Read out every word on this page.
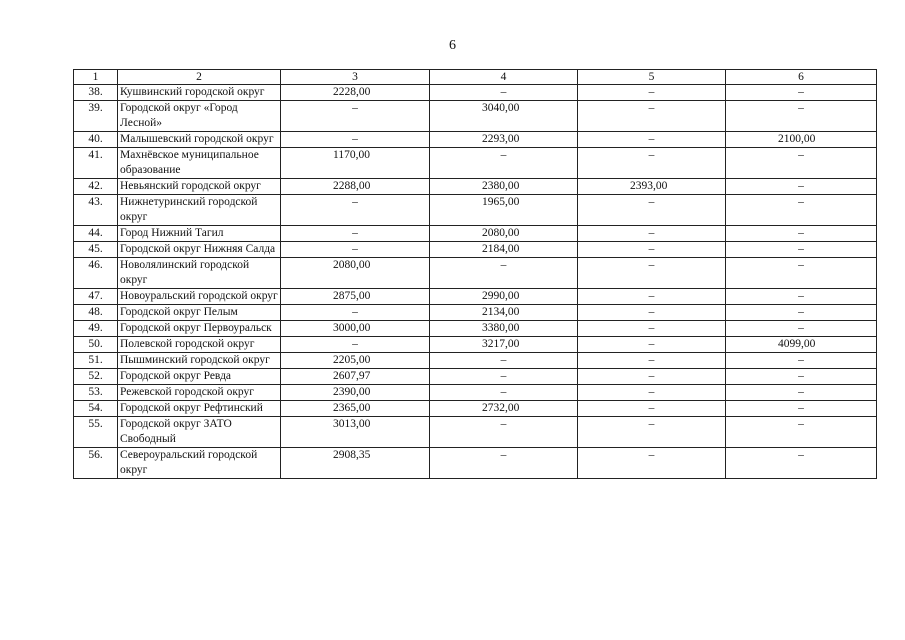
6
1	2	3	4	5	6
38.	Кушвинский городской округ	2228,00	–	–	–
39.	Городской округ «Город Лесной»	–	3040,00	–	–
40.	Малышевский городской округ	–	2293,00	–	2100,00
41.	Махнёвское муниципальное образование	1170,00	–	–	–
42.	Невьянский городской округ	2288,00	2380,00	2393,00	–
43.	Нижнетуринский городской округ	–	1965,00	–	–
44.	Город Нижний Тагил	–	2080,00	–	–
45.	Городской округ Нижняя Салда	–	2184,00	–	–
46.	Новолялинский городской округ	2080,00	–	–	–
47.	Новоуральский городской округ	2875,00	2990,00	–	–
48.	Городской округ Пелым	–	2134,00	–	–
49.	Городской округ Первоуральск	3000,00	3380,00	–	–
50.	Полевской городской округ	–	3217,00	–	4099,00
51.	Пышминский городской округ	2205,00	–	–	–
52.	Городской округ Ревда	2607,97	–	–	–
53.	Режевской городской округ	2390,00	–	–	–
54.	Городской округ Рефтинский	2365,00	2732,00	–	–
55.	Городской округ ЗАТО Свободный	3013,00	–	–	–
56.	Североуральский городской округ	2908,35	–	–	–
